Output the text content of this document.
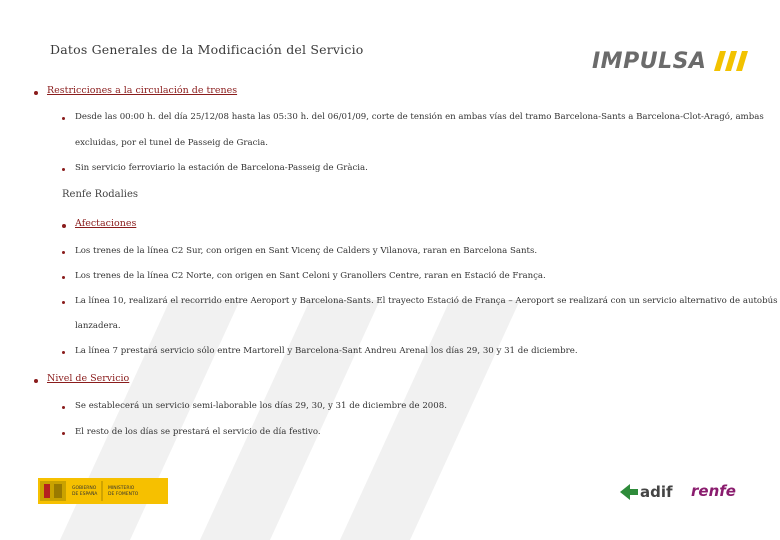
Datos Generales de la Modificación del Servicio	IMPULSA
Restricciones a la circulación de trenes
Desde las 00:00 h. del día 25/12/08 hasta las 05:30 h. del 06/01/09, corte de tensión en ambas vías del tramo Barcelona-Sants a Barcelona-Clot-Aragó, ambas
excluidas, por el tunel de Passeig de Gracia.
Sin servicio ferroviario la estación de Barcelona-Passeig de Gràcia.
Renfe Rodalies
Afectaciones
Los trenes de la línea C2 Sur, con origen en Sant Vicenç de Calders y Vilanova, raran en Barcelona Sants.
Los trenes de la línea C2 Norte, con origen en Sant Celoni y Granollers Centre, raran en Estació de França.
La línea 10, realizará el recorrido entre Aeroport y Barcelona-Sants. El trayecto Estació de França – Aeroport se realizará con un servicio alternativo de autobús
lanzadera.
La línea 7 prestará servicio sólo entre Martorell y Barcelona-Sant Andreu Arenal los días 29, 30 y 31 de diciembre.
Nivel de Servicio
Se establecerá un servicio semi-laborable los días 29, 30, y 31 de diciembre de 2008.
El resto de los días se prestará el servicio de día festivo.
GOBIERNO
DE ESPAÑA
MINISTERIO
DE FOMENTO	adif renfe
